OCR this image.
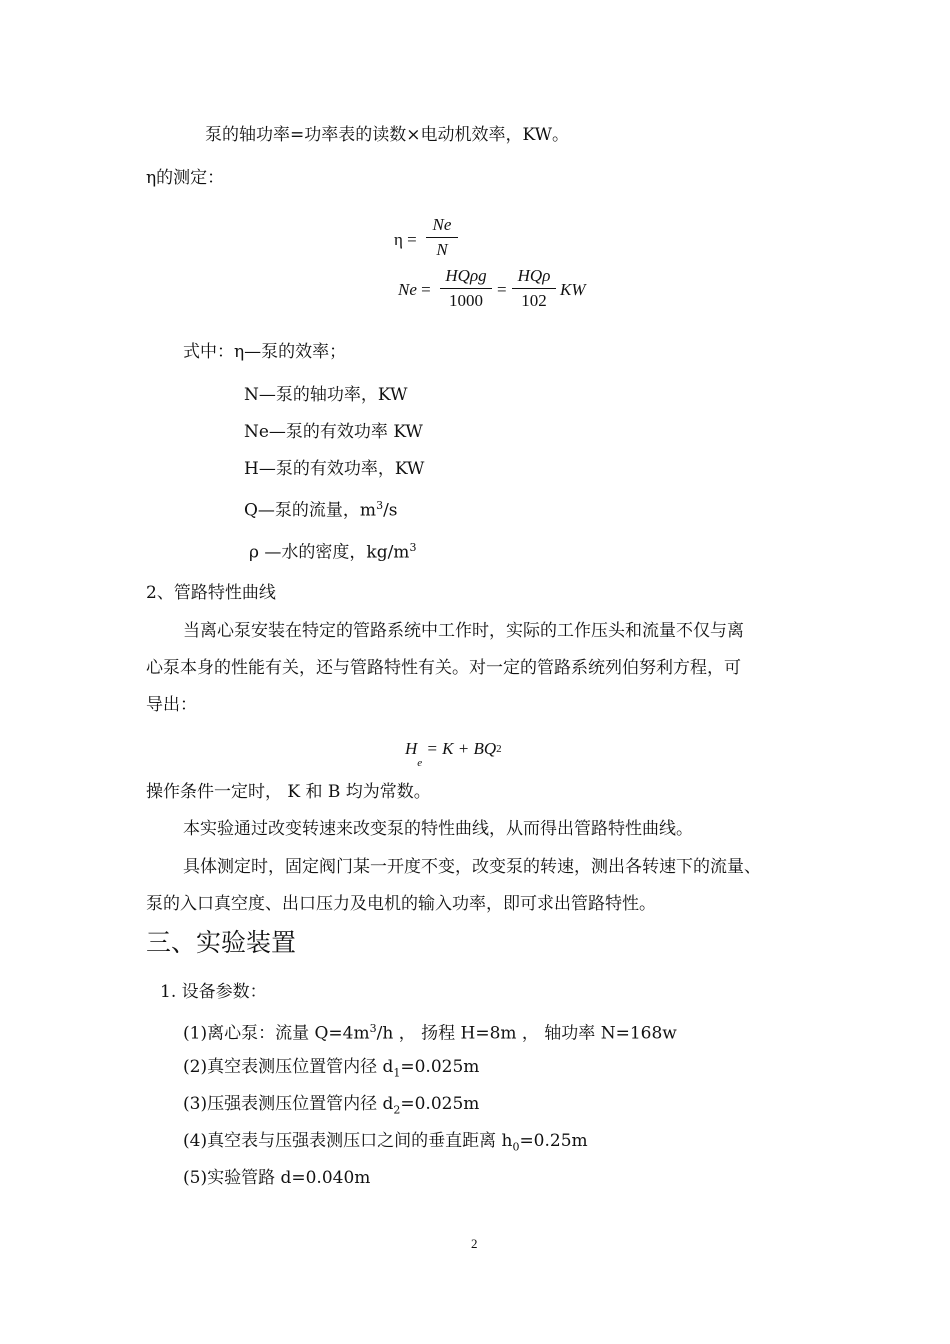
泵的轴功率=功率表的读数×电动机效率，KW。
η的测定：
η =
Ne
N
Ne =
HQρg
1000
=
HQρ
102
KW
式中：η—泵的效率；
N—泵的轴功率，KW
Ne—泵的有效功率 KW
H—泵的有效功率，KW
Q—泵的流量，$m^3/s$
ρ —水的密度，$kg/m^3$
2、管路特性曲线
当离心泵安装在特定的管路系统中工作时，实际的工作压头和流量不仅与离
心泵本身的性能有关，还与管路特性有关。对一定的管路系统列伯努利方程，可
导出：
$H_e = K + BQ2$
操作条件一定时， K 和 B 均为常数。
本实验通过改变转速来改变泵的特性曲线，从而得出管路特性曲线。
具体测定时，固定阀门某一开度不变，改变泵的转速，测出各转速下的流量、
泵的入口真空度、出口压力及电机的输入功率，即可求出管路特性。
三、实验装置
1. 设备参数：
(1)离心泵：流量 $Q=4m^3/h$ ， 扬程 H=8m ， 轴功率 N=168w
(2)真空表测压位置管内径 $d_1=0.025m$
(3)压强表测压位置管内径 $d_2=0.025m$
(4)真空表与压强表测压口之间的垂直距离 $h_0=0.25m$
(5)实验管路 d=0.040m
2
